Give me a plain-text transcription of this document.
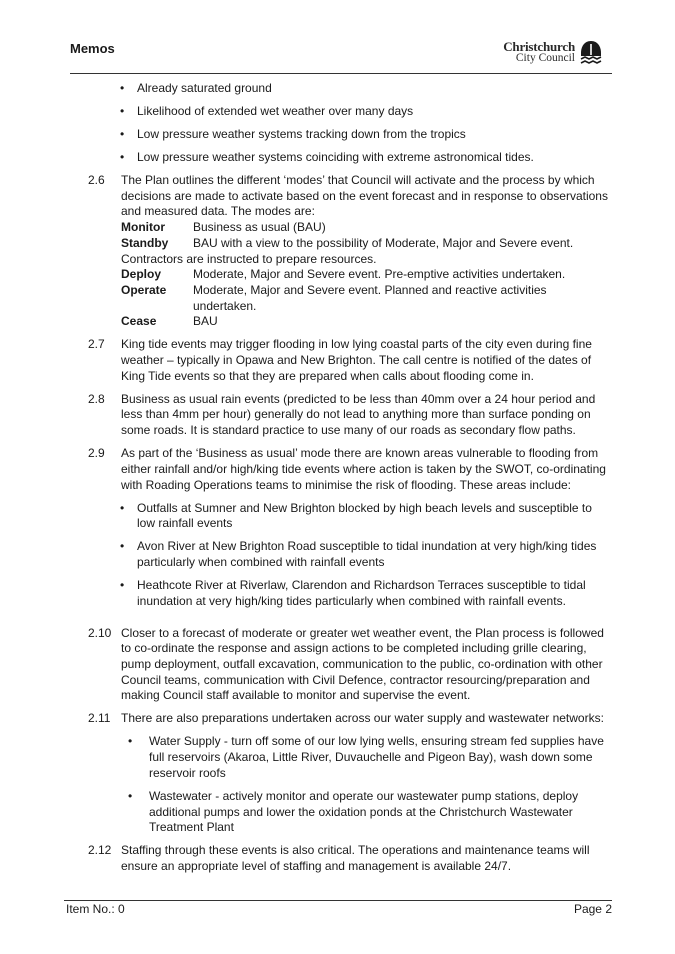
Memos	Christchurch
City Council
• Already saturated ground
• Likelihood of extended wet weather over many days
• Low pressure weather systems tracking down from the tropics
• Low pressure weather systems coinciding with extreme astronomical tides.
2.6 The Plan outlines the different ‘modes’ that Council will activate and the process by which decisions are made to activate based on the event forecast and in response to observations and measured data. The modes are:
Monitor	Business as usual (BAU)
Standby	BAU with a view to the possibility of Moderate, Major and Severe event.
Contractors are instructed to prepare resources.
Deploy	Moderate, Major and Severe event. Pre-emptive activities undertaken.
Operate	Moderate, Major and Severe event. Planned and reactive activities undertaken.
Cease	BAU
2.7 King tide events may trigger flooding in low lying coastal parts of the city even during fine weather – typically in Opawa and New Brighton. The call centre is notified of the dates of King Tide events so that they are prepared when calls about flooding come in.
2.8 Business as usual rain events (predicted to be less than 40mm over a 24 hour period and less than 4mm per hour) generally do not lead to anything more than surface ponding on some roads. It is standard practice to use many of our roads as secondary flow paths.
2.9 As part of the ‘Business as usual’ mode there are known areas vulnerable to flooding from either rainfall and/or high/king tide events where action is taken by the SWOT, co-ordinating with Roading Operations teams to minimise the risk of flooding. These areas include:
• Outfalls at Sumner and New Brighton blocked by high beach levels and susceptible to low rainfall events
• Avon River at New Brighton Road susceptible to tidal inundation at very high/king tides particularly when combined with rainfall events
• Heathcote River at Riverlaw, Clarendon and Richardson Terraces susceptible to tidal inundation at very high/king tides particularly when combined with rainfall events.
2.10 Closer to a forecast of moderate or greater wet weather event, the Plan process is followed to co-ordinate the response and assign actions to be completed including grille clearing, pump deployment, outfall excavation, communication to the public, co-ordination with other Council teams, communication with Civil Defence, contractor resourcing/preparation and making Council staff available to monitor and supervise the event.
2.11 There are also preparations undertaken across our water supply and wastewater networks:
• Water Supply - turn off some of our low lying wells, ensuring stream fed supplies have full reservoirs (Akaroa, Little River, Duvauchelle and Pigeon Bay), wash down some reservoir roofs
• Wastewater - actively monitor and operate our wastewater pump stations, deploy additional pumps and lower the oxidation ponds at the Christchurch Wastewater Treatment Plant
2.12 Staffing through these events is also critical. The operations and maintenance teams will ensure an appropriate level of staffing and management is available 24/7.
Item No.: 0	Page 2
